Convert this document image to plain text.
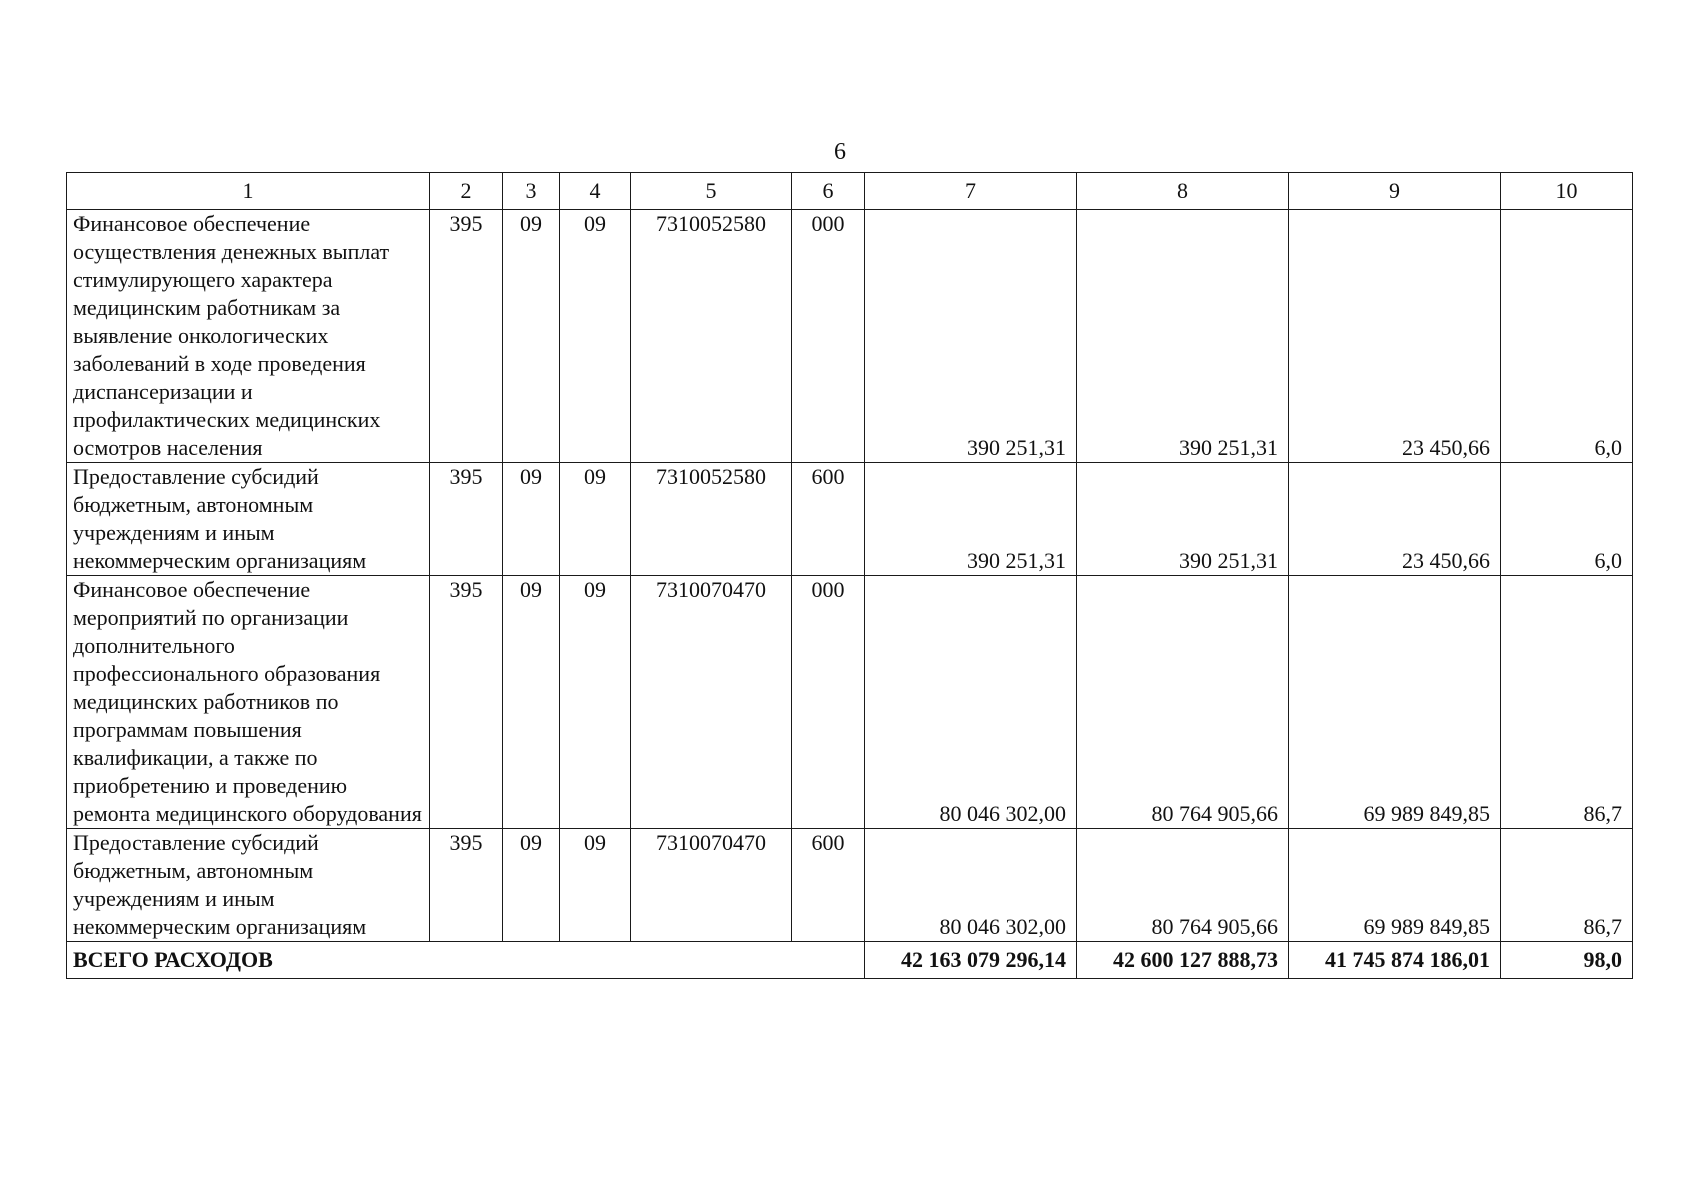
6
1	2	3	4	5	6	7	8	9	10
Финансовое обеспечение осуществления денежных выплат стимулирующего характера медицинским работникам за выявление онкологических заболеваний в ходе проведения диспансеризации и профилактических медицинских осмотров населения	395	09	09	7310052580	000	390 251,31	390 251,31	23 450,66	6,0
Предоставление субсидий бюджетным, автономным учреждениям и иным некоммерческим организациям	395	09	09	7310052580	600	390 251,31	390 251,31	23 450,66	6,0
Финансовое обеспечение мероприятий по организации дополнительного профессионального образования медицинских работников по программам повышения квалификации, а также по приобретению и проведению ремонта медицинского оборудования	395	09	09	7310070470	000	80 046 302,00	80 764 905,66	69 989 849,85	86,7
Предоставление субсидий бюджетным, автономным учреждениям и иным некоммерческим организациям	395	09	09	7310070470	600	80 046 302,00	80 764 905,66	69 989 849,85	86,7
ВСЕГО РАСХОДОВ						42 163 079 296,14	42 600 127 888,73	41 745 874 186,01	98,0
